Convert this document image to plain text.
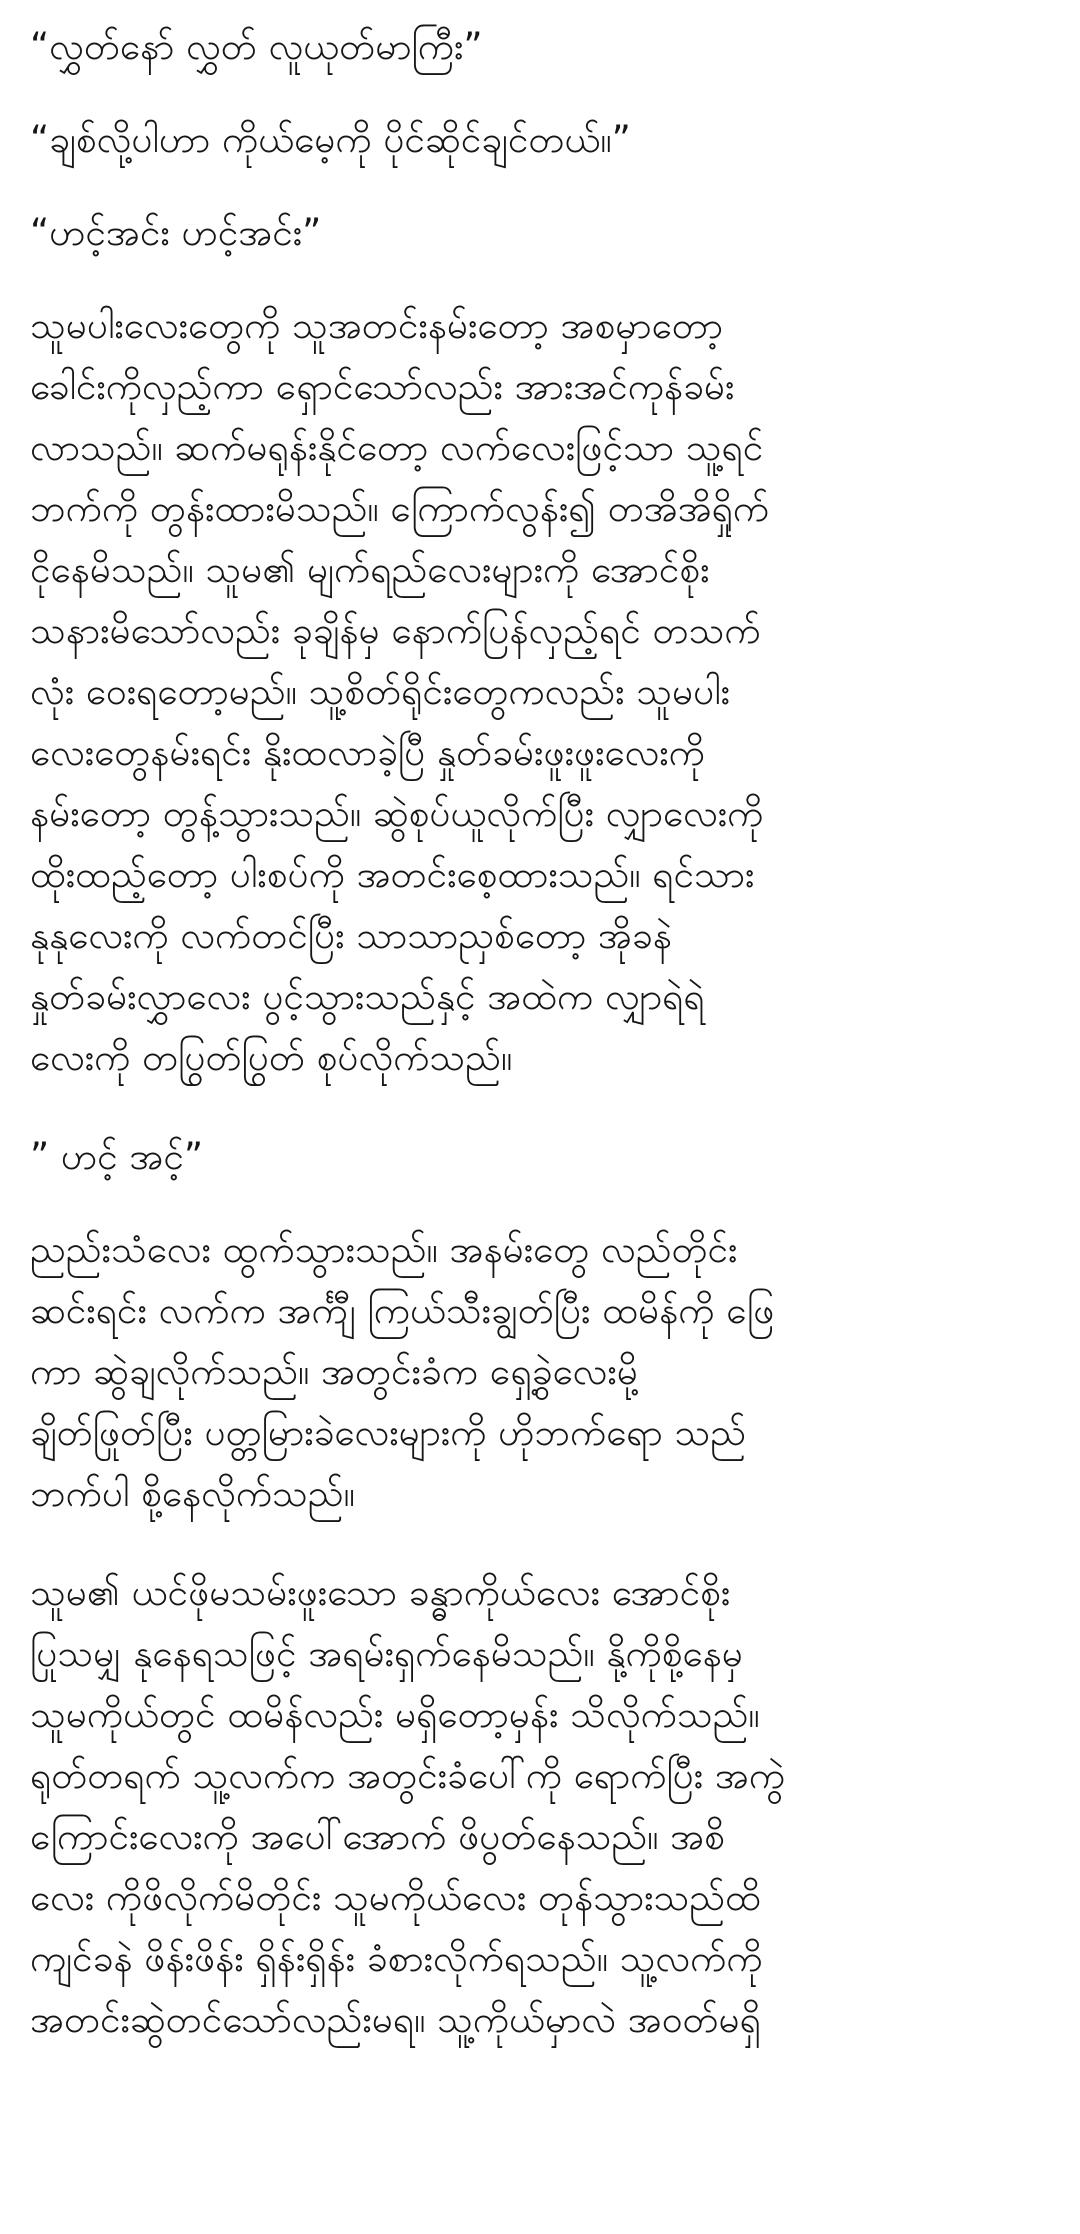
“လွှတ်နော် လွှတ် လူယုတ်မာကြီး”

“ချစ်လို့ပါဟာ ကိုယ်မေ့ကို ပိုင်ဆိုင်ချင်တယ်။”

“ဟင့်အင်း ဟင့်အင်း”

သူမပါးလေးတွေကို သူအတင်းနမ်းတော့ အစမှာတော့
ခေါင်းကိုလှည့်ကာ ရှောင်သော်လည်း အားအင်ကုန်ခမ်း
လာသည်။ ဆက်မရုန်းနိုင်တော့ လက်လေးဖြင့်သာ သူ့ရင်
ဘက်ကို တွန်းထားမိသည်။ ကြောက်လွန်း၍ တအိအိရှိုက်
ငိုနေမိသည်။ သူမ၏ မျက်ရည်လေးများကို အောင်စိုး
သနားမိသော်လည်း ခုချိန်မှ နောက်ပြန်လှည့်ရင် တသက်
လုံး ဝေးရတော့မည်။ သူ့စိတ်ရိုင်းတွေကလည်း သူမပါး
လေးတွေနမ်းရင်း နိုးထလာခဲ့ပြီ နှုတ်ခမ်းဖူးဖူးလေးကို
နမ်းတော့ တွန့်သွားသည်။ ဆွဲစုပ်ယူလိုက်ပြီး လျှာလေးကို
ထိုးထည့်တော့ ပါးစပ်ကို အတင်းစေ့ထားသည်။ ရင်သား
နုနုလေးကို လက်တင်ပြီး သာသာညှစ်တော့ အိုခနဲ
နှုတ်ခမ်းလွှာလေး ပွင့်သွားသည်နှင့် အထဲက လျှာရဲရဲ
လေးကို တပြွတ်ပြွတ် စုပ်လိုက်သည်။

” ဟင့် အင့်”

ညည်းသံလေး ထွက်သွားသည်။ အနမ်းတွေ လည်တိုင်း
ဆင်းရင်း လက်က အင်္ကျီ ကြယ်သီးချွတ်ပြီး ထမိန်ကို ဖြေ
ကာ ဆွဲချလိုက်သည်။ အတွင်းခံက ရှေ့ခွဲလေးမို့
ချိတ်ဖြုတ်ပြီး ပတ္တမြားခဲလေးများကို ဟိုဘက်ရော သည်
ဘက်ပါ စို့နေလိုက်သည်။

သူမ၏ ယင်ဖိုမသမ်းဖူးသော ခန္ဓာကိုယ်လေး အောင်စိုး
ပြုသမျှ နုနေရသဖြင့် အရမ်းရှက်နေမိသည်။ နို့ကိုစို့နေမှ
သူမကိုယ်တွင် ထမိန်လည်း မရှိတော့မှန်း သိလိုက်သည်။
ရုတ်တရက် သူ့လက်က အတွင်းခံပေါ်ကို ရောက်ပြီး အကွဲ
ကြောင်းလေးကို အပေါ်အောက် ဖိပွတ်နေသည်။ အစိ
လေး ကိုဖိလိုက်မိတိုင်း သူမကိုယ်လေး တုန်သွားသည်ထိ
ကျင်ခနဲ ဖိန်းဖိန်း ရှိန်းရှိန်း ခံစားလိုက်ရသည်။ သူ့လက်ကို
အတင်းဆွဲတင်သော်လည်းမရ။ သူ့ကိုယ်မှာလဲ အဝတ်မရှိ
